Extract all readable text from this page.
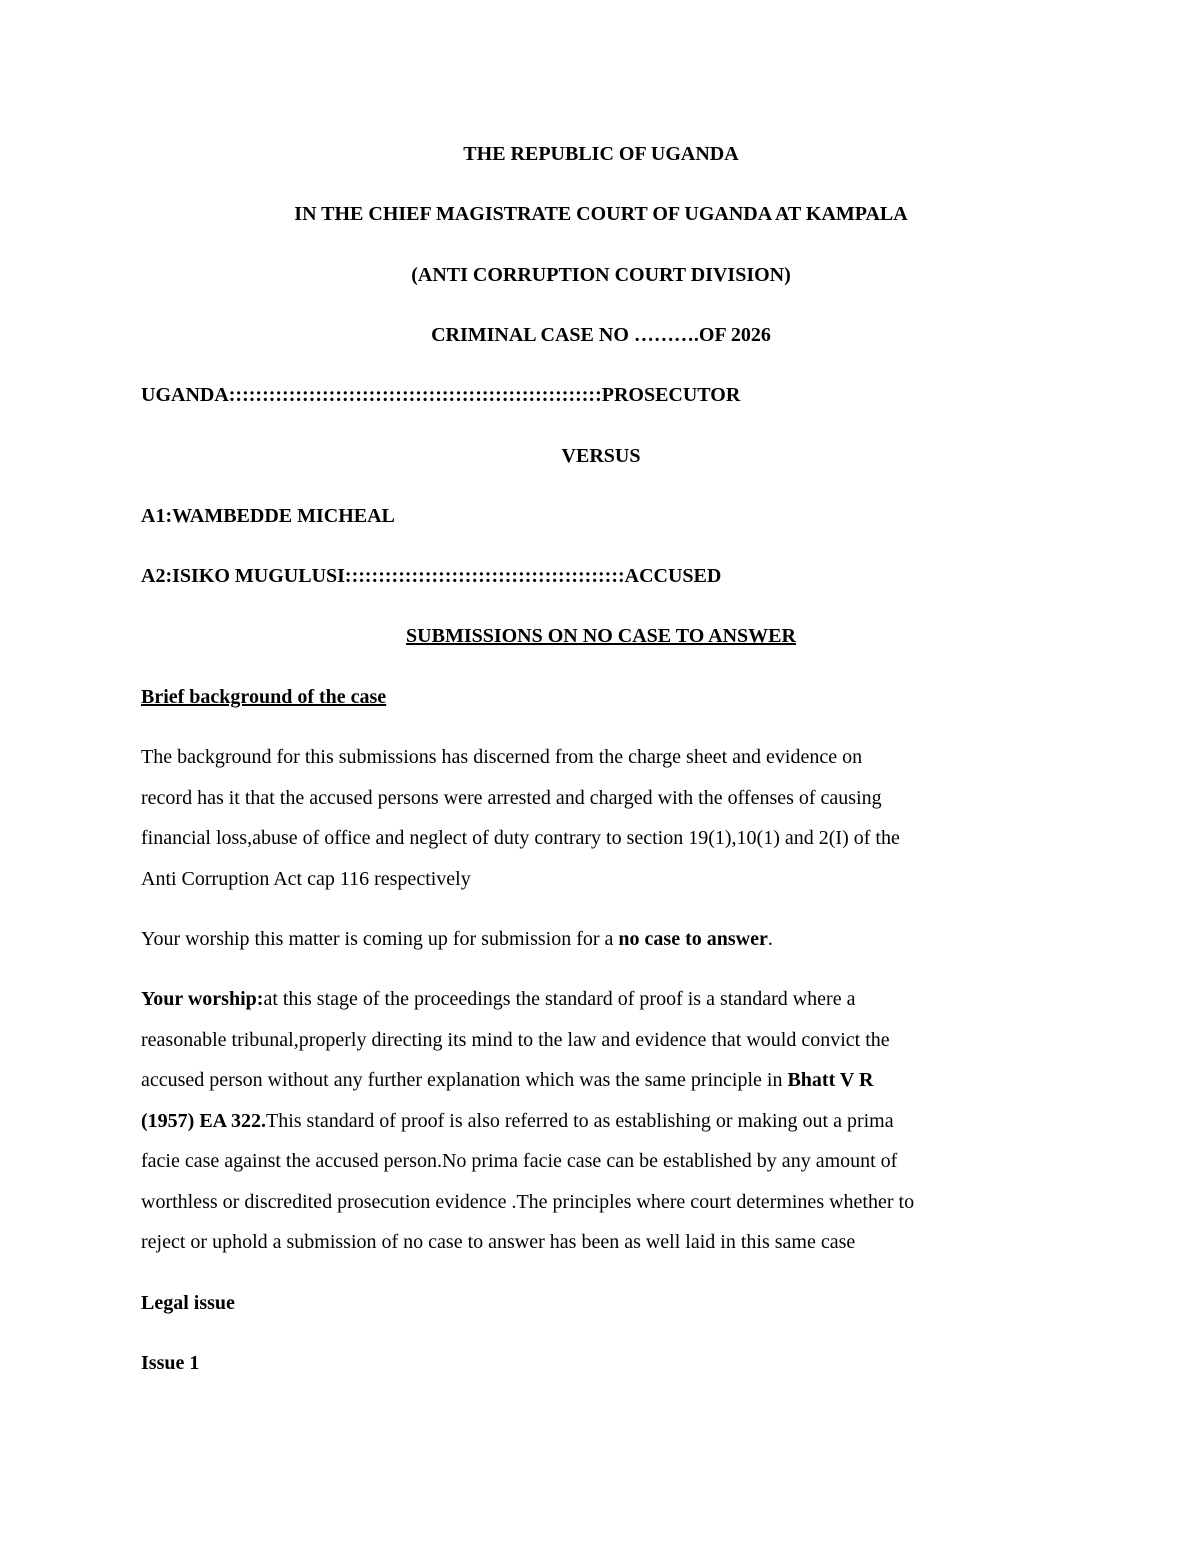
THE REPUBLIC OF UGANDA
IN THE CHIEF MAGISTRATE COURT OF UGANDA AT KAMPALA
(ANTI CORRUPTION COURT DIVISION)
CRIMINAL CASE NO ……….OF 2026
UGANDA::::::::::::::::::::::::::::::::::::::::::::::::::::::::PROSECUTOR
VERSUS
A1:WAMBEDDE MICHEAL
A2:ISIKO MUGULUSI::::::::::::::::::::::::::::::::::::::::::ACCUSED
SUBMISSIONS ON NO CASE TO ANSWER
Brief background of the case
The background for this submissions has discerned from the charge sheet and evidence on
record has it that the accused persons were arrested and charged with the offenses of causing
financial loss,abuse of office and neglect of duty contrary to section 19(1),10(1) and 2(I) of the
Anti Corruption Act cap 116 respectively
Your worship this matter is coming up for submission for a no case to answer.
Your worship:at this stage of the proceedings the standard of proof is a standard where a
reasonable tribunal,properly directing its mind to the law and evidence that would convict the
accused person without any further explanation which was the same principle in Bhatt V R
(1957) EA 322.This standard of proof is also referred to as establishing or making out a prima
facie case against the accused person.No prima facie case can be established by any amount of
worthless or discredited prosecution evidence .The principles where court determines whether to
reject or uphold a submission of no case to answer has been as well laid in this same case
Legal issue
Issue 1
